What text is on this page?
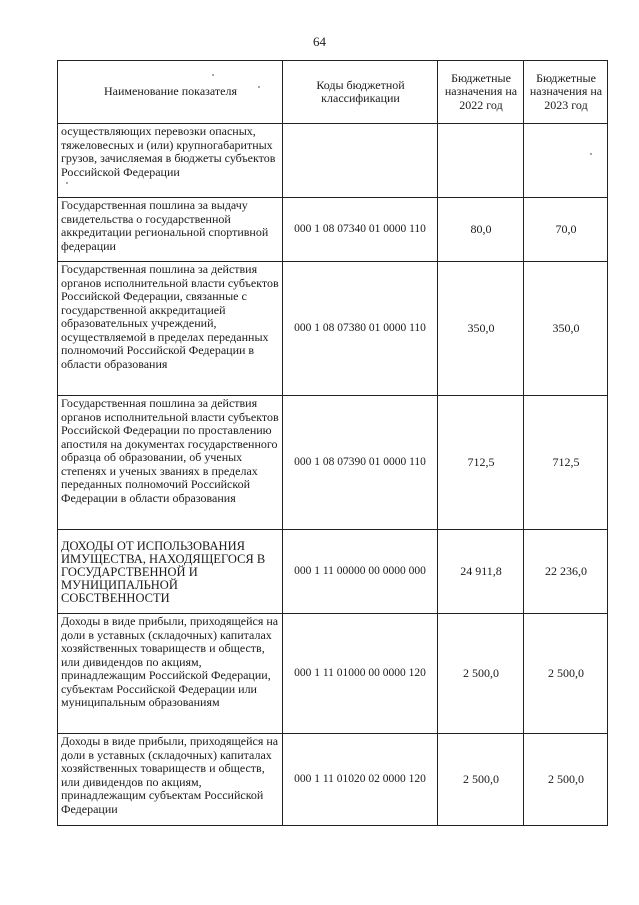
64
Наименование показателя	Коды бюджетной классификации	Бюджетные назначения на 2022 год	Бюджетные назначения на 2023 год
осуществляющих перевозки опасных, тяжеловесных и (или) крупногабаритных грузов, зачисляемая в бюджеты субъектов Российской Федерации			
Государственная пошлина за выдачу свидетельства о государственной аккредитации региональной спортивной федерации	000 1 08 07340 01 0000 110	80,0	70,0
Государственная пошлина за действия органов исполнительной власти субъектов Российской Федерации, связанные с государственной аккредитацией образовательных учреждений, осуществляемой в пределах переданных полномочий Российской Федерации в области образования	000 1 08 07380 01 0000 110	350,0	350,0
Государственная пошлина за действия органов исполнительной власти субъектов Российской Федерации по проставлению апостиля на документах государственного образца об образовании, об ученых степенях и ученых званиях в пределах переданных полномочий Российской Федерации в области образования	000 1 08 07390 01 0000 110	712,5	712,5
ДОХОДЫ ОТ ИСПОЛЬЗОВАНИЯ ИМУЩЕСТВА, НАХОДЯЩЕГОСЯ В ГОСУДАРСТВЕННОЙ И МУНИЦИПАЛЬНОЙ СОБСТВЕННОСТИ	000 1 11 00000 00 0000 000	24 911,8	22 236,0
Доходы в виде прибыли, приходящейся на доли в уставных (складочных) капиталах хозяйственных товариществ и обществ, или дивидендов по акциям, принадлежащим Российской Федерации, субъектам Российской Федерации или муниципальным образованиям	000 1 11 01000 00 0000 120	2 500,0	2 500,0
Доходы в виде прибыли, приходящейся на доли в уставных (складочных) капиталах хозяйственных товариществ и обществ, или дивидендов по акциям, принадлежащим субъектам Российской Федерации	000 1 11 01020 02 0000 120	2 500,0	2 500,0
